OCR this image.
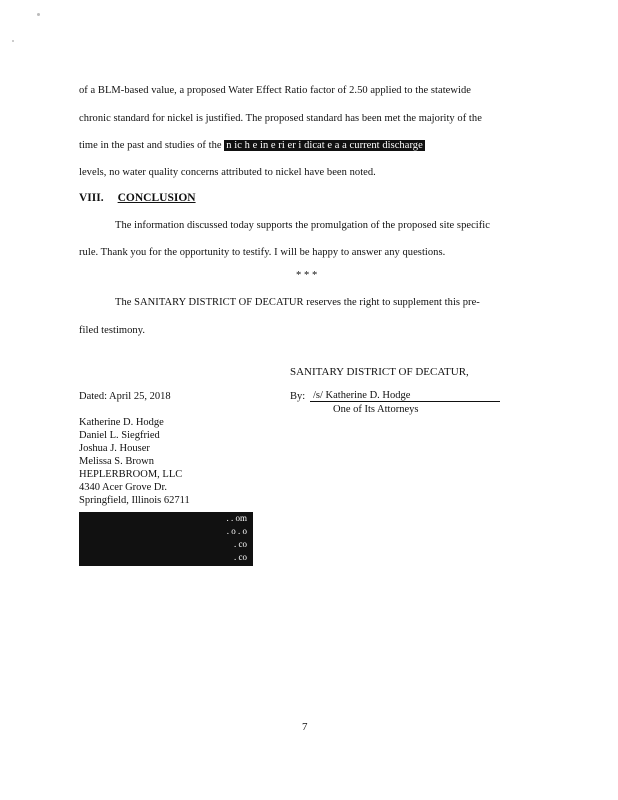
of a BLM-based value, a proposed Water Effect Ratio factor of 2.50 applied to the statewide
chronic standard for nickel is justified. The proposed standard has been met the majority of the
time in the past and studies of the n ic h e in e ri er i dicat e a a current discharge
levels, no water quality concerns attributed to nickel have been noted.
VIII. CONCLUSION
The information discussed today supports the promulgation of the proposed site specific
rule. Thank you for the opportunity to testify. I will be happy to answer any questions.
* * *
The SANITARY DISTRICT OF DECATUR reserves the right to supplement this pre-
filed testimony.
SANITARY DISTRICT OF DECATUR,
Dated: April 25, 2018	By: /s/ Katherine D. Hodge
One of Its Attorneys
Katherine D. Hodge
Daniel L. Siegfried
Joshua J. Houser
Melissa S. Brown
HEPLERBROOM, LLC
4340 Acer Grove Dr.
Springfield, Illinois 62711
. . om
. o . o
. co
. co
7
